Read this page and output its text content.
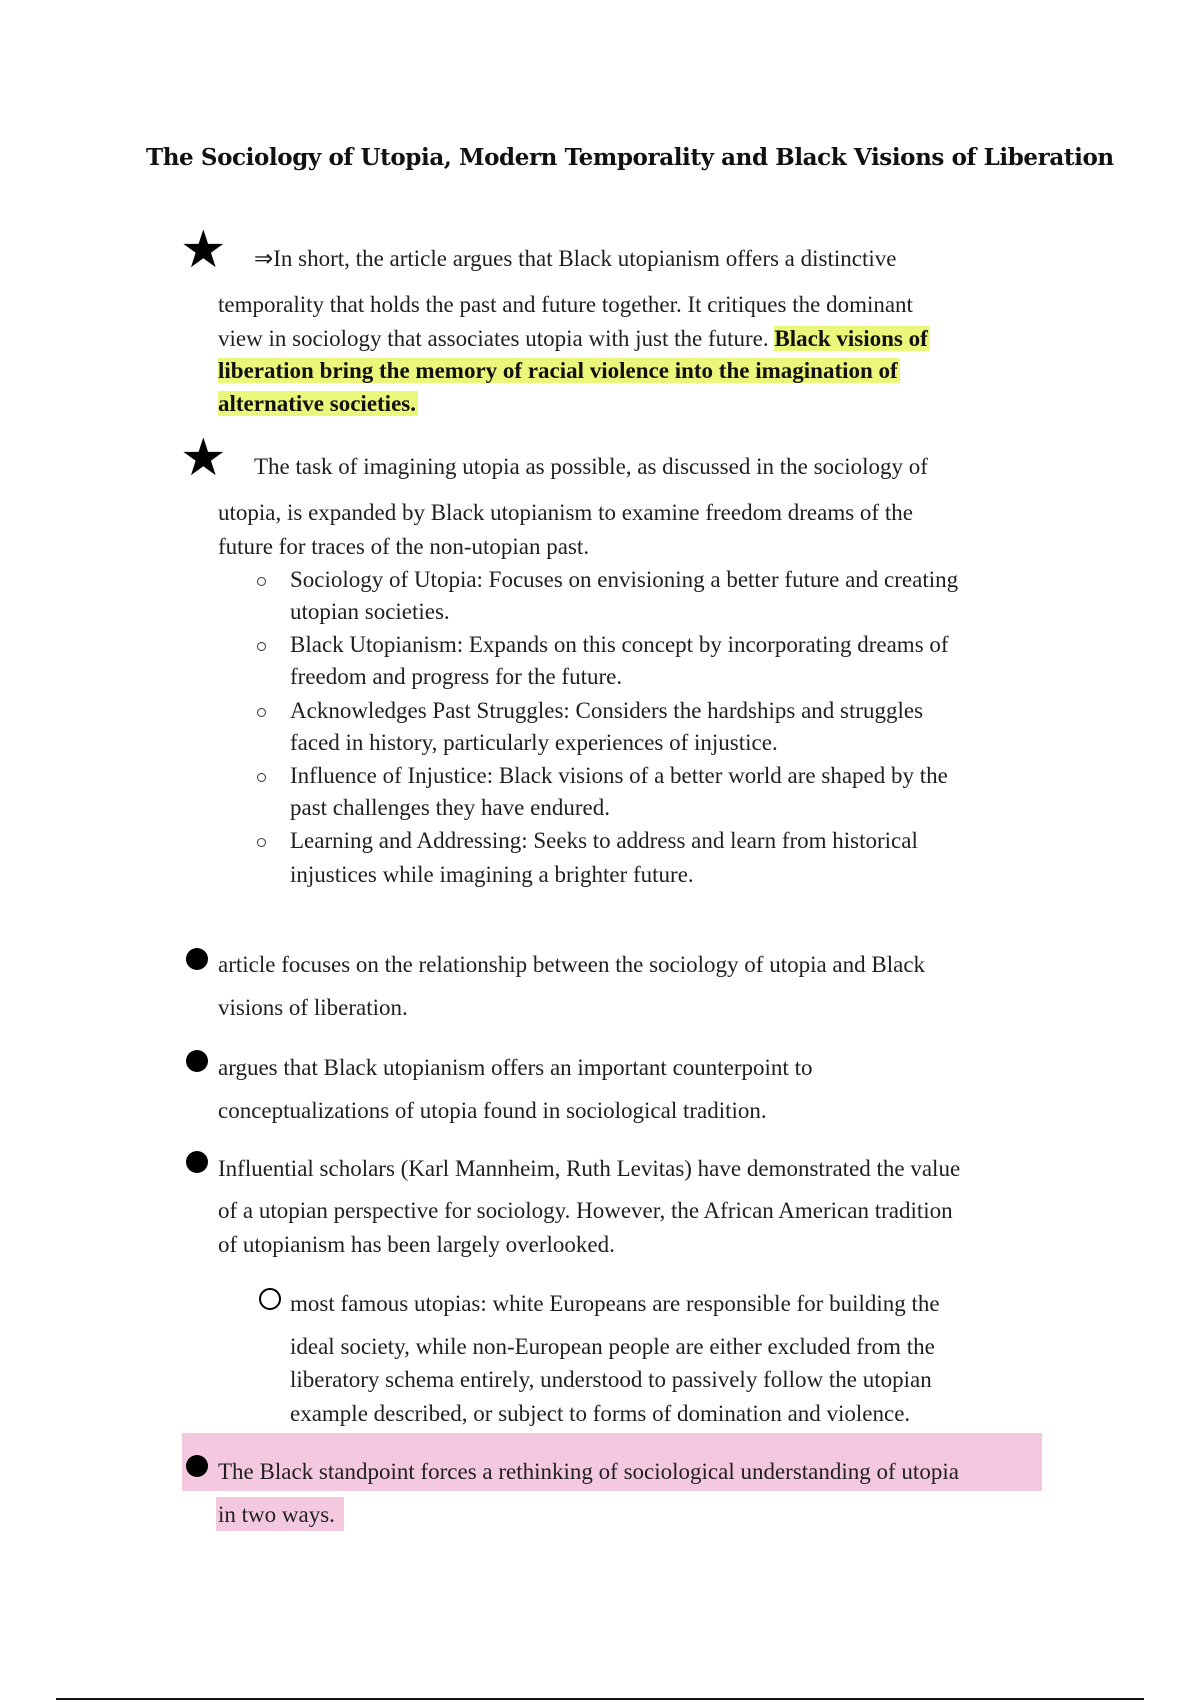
The Sociology of Utopia, Modern Temporality and Black Visions of Liberation
★ ⇒In short, the article argues that Black utopianism offers a distinctive
temporality that holds the past and future together. It critiques the dominant
view in sociology that associates utopia with just the future. Black visions of
liberation bring the memory of racial violence into the imagination of
alternative societies.
★ The task of imagining utopia as possible, as discussed in the sociology of
utopia, is expanded by Black utopianism to examine freedom dreams of the
future for traces of the non-utopian past.
Sociology of Utopia: Focuses on envisioning a better future and creating
utopian societies.
Black Utopianism: Expands on this concept by incorporating dreams of
freedom and progress for the future.
Acknowledges Past Struggles: Considers the hardships and struggles
faced in history, particularly experiences of injustice.
Influence of Injustice: Black visions of a better world are shaped by the
past challenges they have endured.
Learning and Addressing: Seeks to address and learn from historical
injustices while imagining a brighter future.
article focuses on the relationship between the sociology of utopia and Black
visions of liberation.
argues that Black utopianism offers an important counterpoint to
conceptualizations of utopia found in sociological tradition.
Influential scholars (Karl Mannheim, Ruth Levitas) have demonstrated the value
of a utopian perspective for sociology. However, the African American tradition
of utopianism has been largely overlooked.
most famous utopias: white Europeans are responsible for building the
ideal society, while non-European people are either excluded from the
liberatory schema entirely, understood to passively follow the utopian
example described, or subject to forms of domination and violence.
The Black standpoint forces a rethinking of sociological understanding of utopia
in two ways.
